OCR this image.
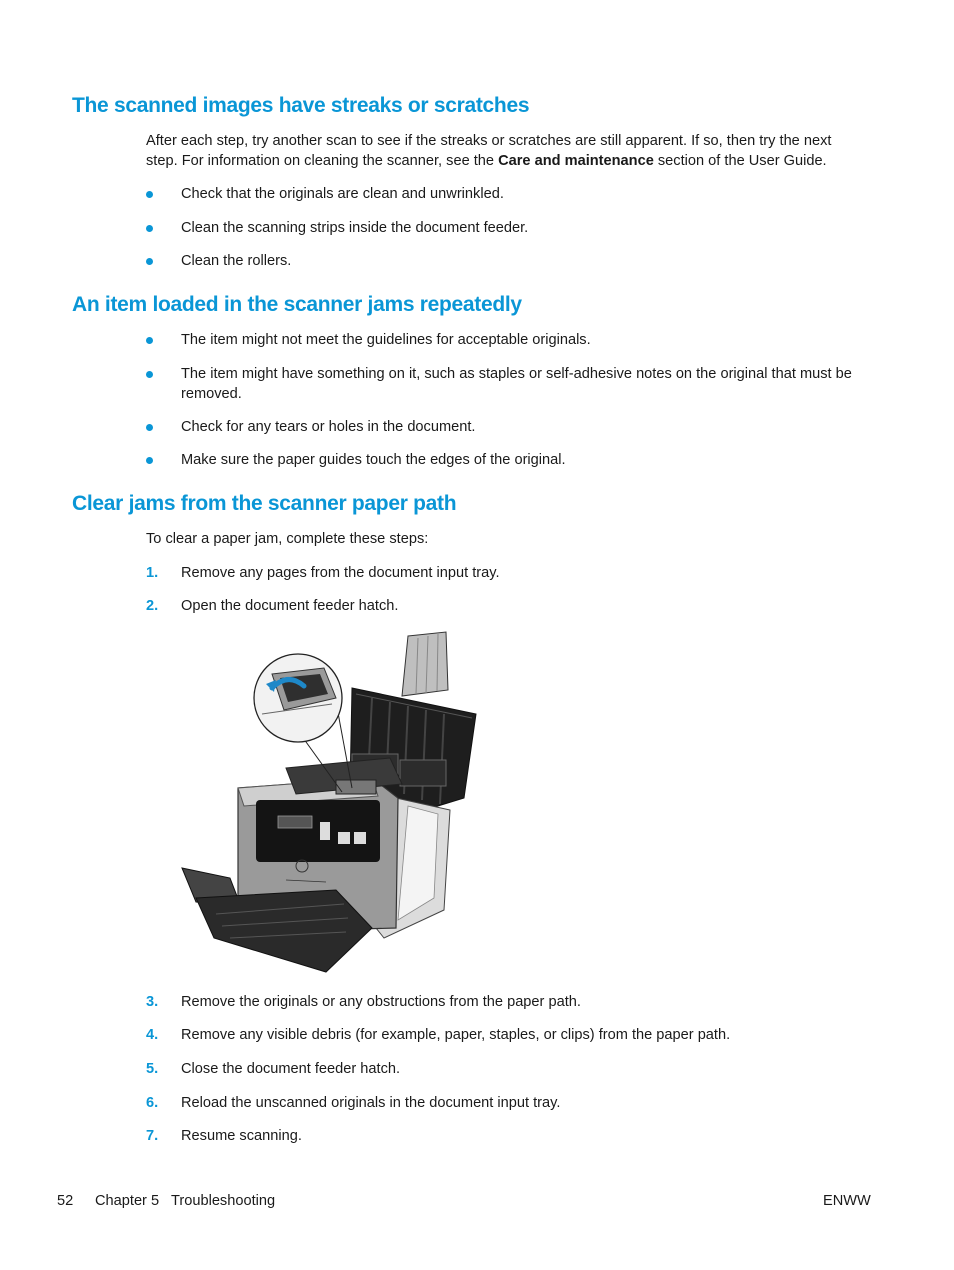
The scanned images have streaks or scratches

After each step, try another scan to see if the streaks or scratches are still apparent. If so, then try the next step. For information on cleaning the scanner, see the Care and maintenance section of the User Guide.

Check that the originals are clean and unwrinkled.
Clean the scanning strips inside the document feeder.
Clean the rollers.
An item loaded in the scanner jams repeatedly
The item might not meet the guidelines for acceptable originals.
The item might have something on it, such as staples or self-adhesive notes on the original that must be removed.
Check for any tears or holes in the document.
Make sure the paper guides touch the edges of the original.
Clear jams from the scanner paper path

To clear a paper jam, complete these steps:

1. Remove any pages from the document input tray.
2. Open the document feeder hatch.
3. Remove the originals or any obstructions from the paper path.
4. Remove any visible debris (for example, paper, staples, or clips) from the paper path.
5. Close the document feeder hatch.
6. Reload the unscanned originals in the document input tray.
7. Resume scanning.
52 Chapter 5   Troubleshooting	ENWW
